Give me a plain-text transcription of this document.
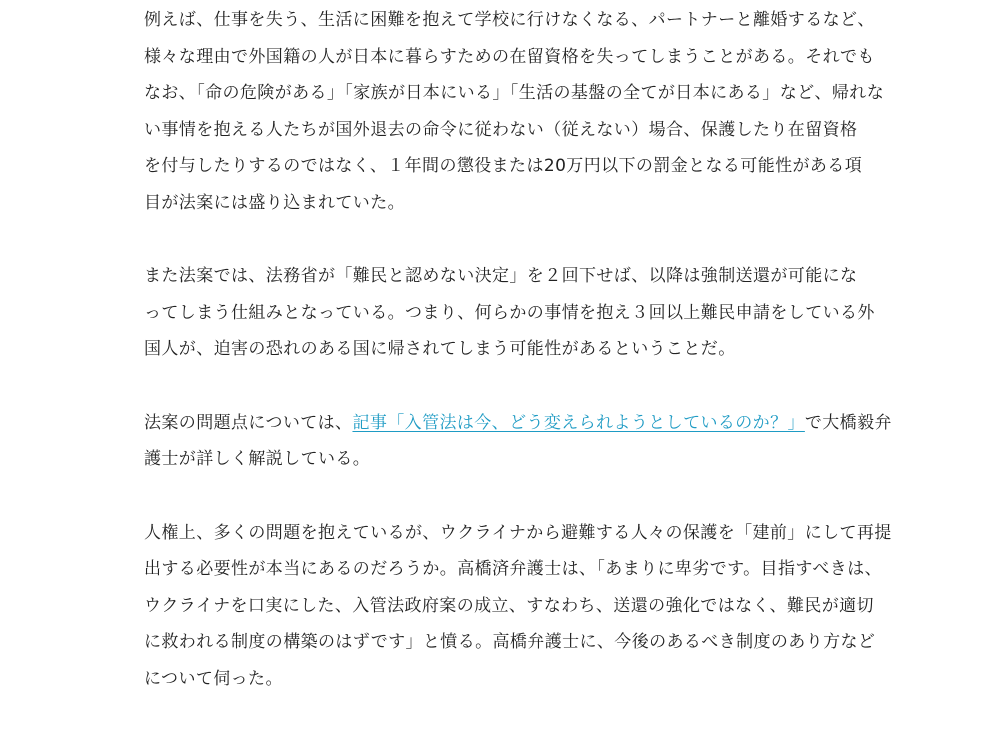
例えば、仕事を失う、生活に困難を抱えて学校に行けなくなる、パートナーと離婚するなど、
様々な理由で外国籍の人が日本に暮らすための在留資格を失ってしまうことがある。それでも
なお、「命の危険がある」「家族が日本にいる」「生活の基盤の全てが日本にある」など、帰れな
い事情を抱える人たちが国外退去の命令に従わない（従えない）場合、保護したり在留資格
を付与したりするのではなく、１年間の懲役または20万円以下の罰金となる可能性がある項
目が法案には盛り込まれていた。

また法案では、法務省が「難民と認めない決定」を２回下せば、以降は強制送還が可能にな
ってしまう仕組みとなっている。つまり、何らかの事情を抱え３回以上難民申請をしている外
国人が、迫害の恐れのある国に帰されてしまう可能性があるということだ。

法案の問題点については、記事「入管法は今、どう変えられようとしているのか？」で大橋毅弁
護士が詳しく解説している。

人権上、多くの問題を抱えているが、ウクライナから避難する人々の保護を「建前」にして再提
出する必要性が本当にあるのだろうか。高橋済弁護士は、「あまりに卑劣です。目指すべきは、
ウクライナを口実にした、入管法政府案の成立、すなわち、送還の強化ではなく、難民が適切
に救われる制度の構築のはずです」と憤る。高橋弁護士に、今後のあるべき制度のあり方など
について伺った。
